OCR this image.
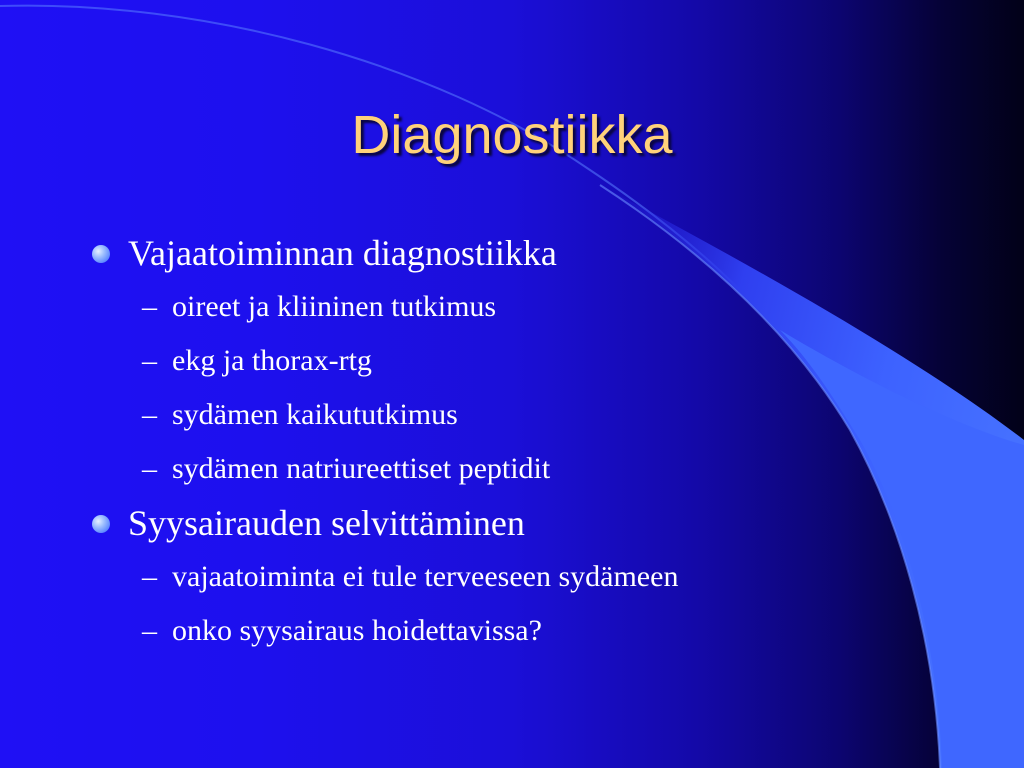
Diagnostiikka
Vajaatoiminnan diagnostiikka
– oireet ja kliininen tutkimus
– ekg ja thorax-rtg
– sydämen kaikututkimus
– sydämen natriureettiset peptidit
Syysairauden selvittäminen
– vajaatoiminta ei tule terveeseen sydämeen
– onko syysairaus hoidettavissa?
